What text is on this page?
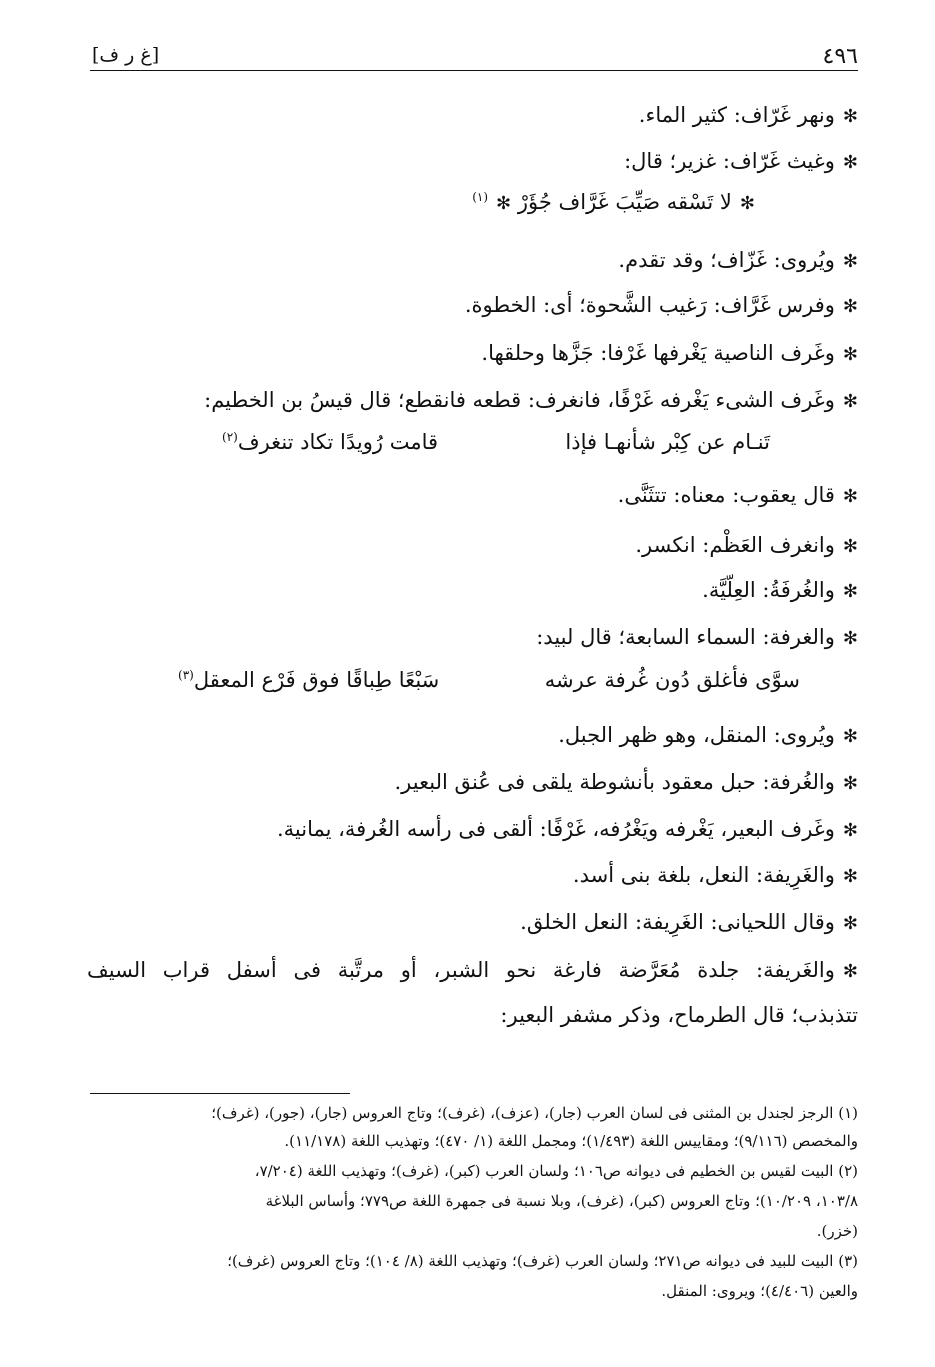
٤٩٦
[غ ر ف]
✻ونهر غَرّاف: كثير الماء.
✻وغيث غَرّاف: غزير؛ قال:
✻لا تَسْقه صَيِّبَ غَرَّاف جُؤَرْ ✻$^{(١)}$
✻ويُروى: غَزّاف؛ وقد تقدم.
✻وفرس غَرَّاف: رَغيب الشَّحوة؛ أى: الخطوة.
✻وغَرف الناصية يَغْرفها غَرْفا: جَزَّها وحلقها.
✻وغَرف الشىء يَغْرفه غَرْفًا، فانغرف: قطعه فانقطع؛ قال قيسُ بن الخطيم:
تَنـام عن كِبْر شأنهـا فإذا
قامت رُويدًا تكاد تنغرف$^{(٢)}$
✻قال يعقوب: معناه: تتثَنَّى.
✻وانغرف العَظْم: انكسر.
✻والغُرفَةُ: العِلّيَّة.
✻والغرفة: السماء السابعة؛ قال لبيد:
سوَّى فأغلق دُون غُرفة عرشه
سَبْعًا طِباقًا فوق فَرْع المعقل$^{(٣)}$
✻ويُروى: المنقل، وهو ظهر الجبل.
✻والغُرفة: حبل معقود بأنشوطة يلقى فى عُنق البعير.
✻وغَرف البعير، يَغْرفه ويَغْرُفه، غَرْفًا: ألقى فى رأسه الغُرفة، يمانية.
✻والغَرِيفة: النعل، بلغة بنى أسد.
✻وقال اللحيانى: الغَرِيفة: النعل الخلق.
✻والغَريفة: جلدة مُعَرَّضة فارغة نحو الشبر، أو مرتَّبة فى أسفل قراب السيف
تتذبذب؛ قال الطرماح، وذكر مشفر البعير:
(١) الرجز لجندل بن المثنى فى لسان العرب (جار)، (عزف)، (غرف)؛ وتاج العروس (جار)، (جور)، (غرف)؛
والمخصص (٩/١١٦)؛ ومقاييس اللغة (١/٤٩٣)؛ ومجمل اللغة (١/ ٤٧٠)؛ وتهذيب اللغة (١١/١٧٨).
(٢) البيت لقيس بن الخطيم فى ديوانه ص١٠٦؛ ولسان العرب (كبر)، (غرف)؛ وتهذيب اللغة (٧/٢٠٤،
١٠٣/٨، ١٠/٢٠٩)؛ وتاج العروس (كبر)، (غرف)، وبلا نسبة فى جمهرة اللغة ص٧٧٩؛ وأساس البلاغة
(خزر).
(٣) البيت للبيد فى ديوانه ص٢٧١؛ ولسان العرب (غرف)؛ وتهذيب اللغة (٨/ ١٠٤)؛ وتاج العروس (غرف)؛
والعين (٤/٤٠٦)؛ ويروى: المنقل.
